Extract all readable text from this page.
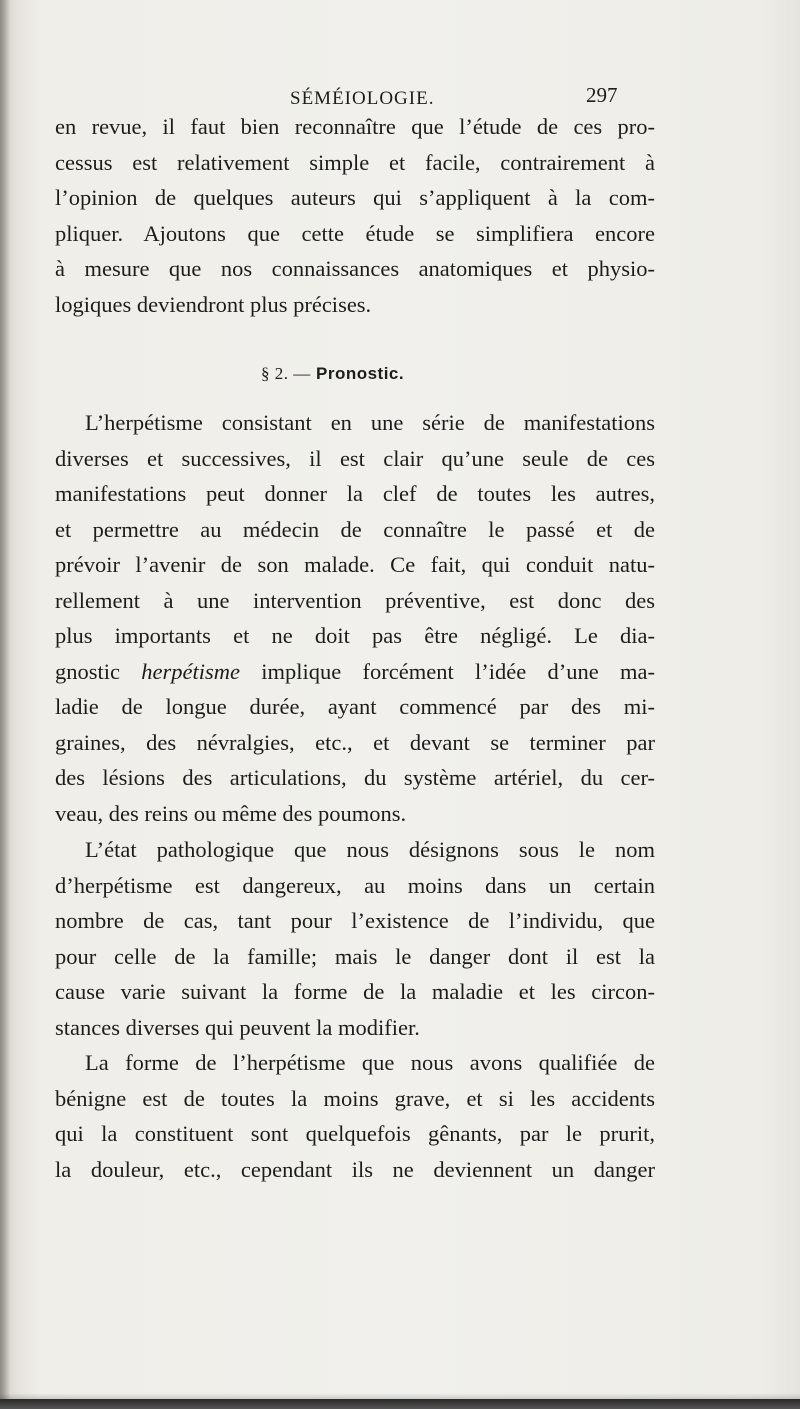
SÉMÉIOLOGIE.	297
en revue, il faut bien reconnaître que l’étude de ces pro-
cessus est relativement simple et facile, contrairement à
l’opinion de quelques auteurs qui s’appliquent à la com-
pliquer. Ajoutons que cette étude se simplifiera encore
à mesure que nos connaissances anatomiques et physio-
logiques deviendront plus précises.
§ 2. — Pronostic.
L’herpétisme consistant en une série de manifestations
diverses et successives, il est clair qu’une seule de ces
manifestations peut donner la clef de toutes les autres,
et permettre au médecin de connaître le passé et de
prévoir l’avenir de son malade. Ce fait, qui conduit natu-
rellement à une intervention préventive, est donc des
plus importants et ne doit pas être négligé. Le dia-
gnostic herpétisme implique forcément l’idée d’une ma-
ladie de longue durée, ayant commencé par des mi-
graines, des névralgies, etc., et devant se terminer par
des lésions des articulations, du système artériel, du cer-
veau, des reins ou même des poumons.
L’état pathologique que nous désignons sous le nom
d’herpétisme est dangereux, au moins dans un certain
nombre de cas, tant pour l’existence de l’individu, que
pour celle de la famille; mais le danger dont il est la
cause varie suivant la forme de la maladie et les circon-
stances diverses qui peuvent la modifier.
La forme de l’herpétisme que nous avons qualifiée de
bénigne est de toutes la moins grave, et si les accidents
qui la constituent sont quelquefois gênants, par le prurit,
la douleur, etc., cependant ils ne deviennent un danger
